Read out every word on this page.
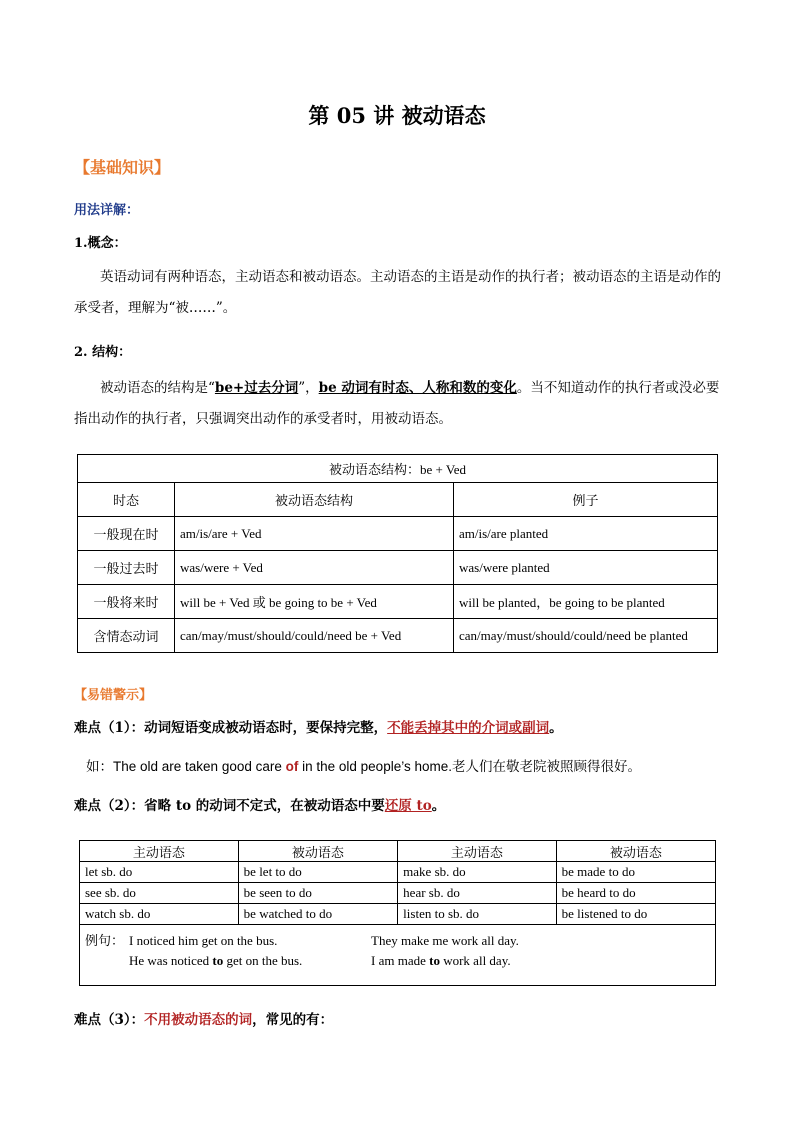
第 05 讲 被动语态
【基础知识】
用法详解：
1.概念：
英语动词有两种语态，主动语态和被动语态。主动语态的主语是动作的执行者；被动语态的主语是动作的承受者，理解为“被……”。
2. 结构：
被动语态的结构是“be+过去分词”，be 动词有时态、人称和数的变化。当不知道动作的执行者或没必要指出动作的执行者，只强调突出动作的承受者时，用被动语态。
被动语态结构：be + Ved		
时态	被动语态结构	例子
一般现在时	am/is/are + Ved	am/is/are planted
一般过去时	was/were + Ved	was/were planted
一般将来时	will be + Ved 或 be going to be + Ved	will be planted，be going to be planted
含情态动词	can/may/must/should/could/need be + Ved	can/may/must/should/could/need be planted
【易错警示】
难点（1）：动词短语变成被动语态时，要保持完整，不能丢掉其中的介词或副词。
如：The old are taken good care of in the old people’s home.老人们在敬老院被照顾得很好。
难点（2）：省略 to 的动词不定式，在被动语态中要还原 to。
主动语态	被动语态	主动语态	被动语态
let sb. do	be let to do	make sb. do	be made to do
see sb. do	be seen to do	hear sb. do	be heard to do
watch sb. do	be watched to do	listen to sb. do	be listened to do

例句： I noticed him get on the bus. They make me work all day.
He was noticed to get on the bus. I am made to work all day.			
难点（3）：不用被动语态的词，常见的有：
